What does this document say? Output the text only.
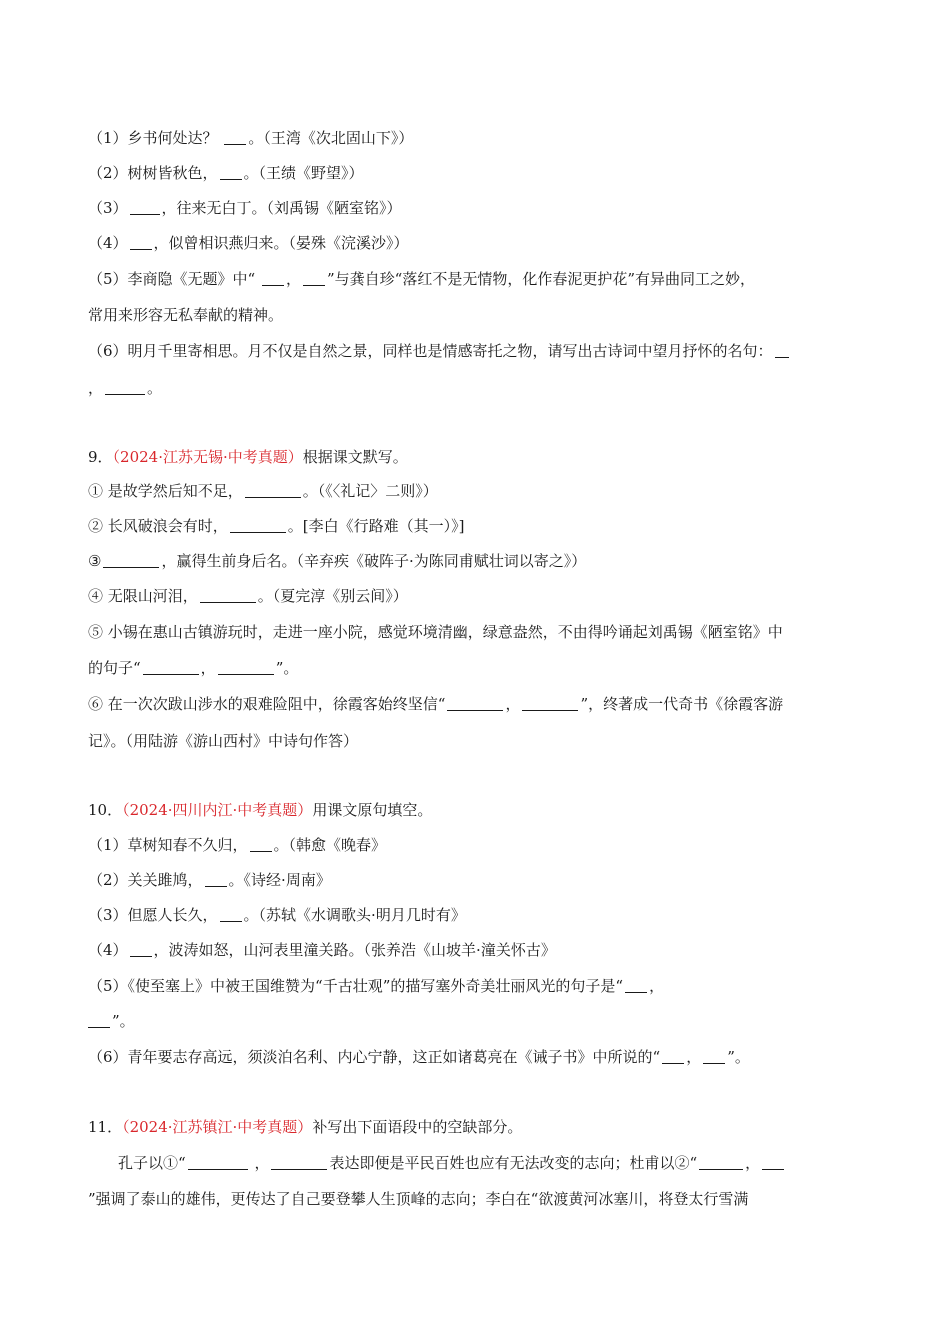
（1）乡书何处达？ 。（王湾《次北固山下》）
（2）树树皆秋色， 。（王绩《野望》）
（3） ，往来无白丁。（刘禹锡《陋室铭》）
（4） ，似曾相识燕归来。（晏殊《浣溪沙》）
（5）李商隐《无题》中“ ， ”与龚自珍“落红不是无情物，化作春泥更护花”有异曲同工之妙，
常用来形容无私奉献的精神。
（6）明月千里寄相思。月不仅是自然之景，同样也是情感寄托之物，请写出古诗词中望月抒怀的名句：
，	。
9．（2024·江苏无锡·中考真题）根据课文默写。
① 是故学然后知不足，	。（《〈礼记〉二则》）
② 长风破浪会有时，	。[李白《行路难（其一）》]
③	，赢得生前身后名。（辛弃疾《破阵子·为陈同甫赋壮词以寄之》）
④ 无限山河泪，	。（夏完淳《别云间》）
⑤ 小锡在惠山古镇游玩时，走进一座小院，感觉环境清幽，绿意盎然，不由得吟诵起刘禹锡《陋室铭》中
的句子“	，	”。
⑥ 在一次次跋山涉水的艰难险阻中，徐霞客始终坚信“	，	”，终著成一代奇书《徐霞客游
记》。（用陆游《游山西村》中诗句作答）
10．（2024·四川内江·中考真题）用课文原句填空。
（1）草树知春不久归， 。（韩愈《晚春》
（2）关关雎鸠， 。《诗经·周南》
（3）但愿人长久， 。（苏轼《水调歌头·明月几时有》
（4） ，波涛如怒，山河表里潼关路。（张养浩《山坡羊·潼关怀古》
（5）《使至塞上》中被王国维赞为“千古壮观”的描写塞外奇美壮丽风光的句子是“ ，
”。
（6）青年要志存高远，须淡泊名利、内心宁静，这正如诸葛亮在《诫子书》中所说的“ ， ”。
11．（2024·江苏镇江·中考真题）补写出下面语段中的空缺部分。
孔子以①“	，	表达即便是平民百姓也应有无法改变的志向；杜甫以②“	，
”强调了泰山的雄伟，更传达了自己要登攀人生顶峰的志向；李白在“欲渡黄河冰塞川，将登太行雪满
